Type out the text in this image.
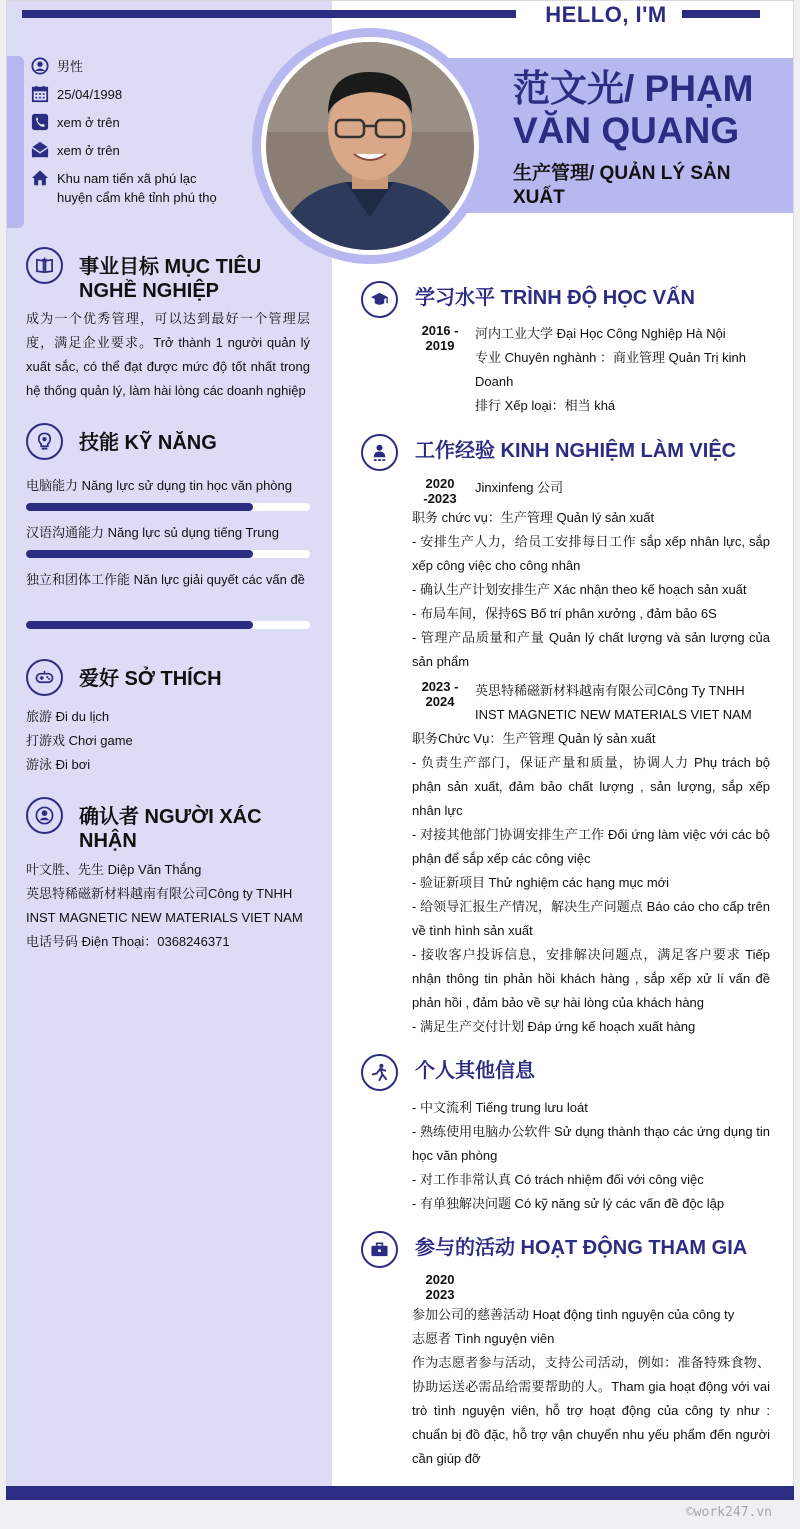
HELLO, I'M
男性
25/04/1998
xem ở trên
xem ở trên
Khu nam tiến xã phú lạc huyện cẩm khê tỉnh phú thọ
范文光/ PHẠM VĂN QUANG
生产管理/ QUẢN LÝ SẢN XUẤT
事业目标 MỤC TIÊU NGHỀ NGHIỆP
成为一个优秀管理，可以达到最好一个管理层度，满足企业要求。Trở thành 1 người quản lý xuất sắc, có thể đạt được mức độ tốt nhất trong hệ thống quản lý, làm hài lòng các doanh nghiệp
技能 KỸ NĂNG
电脑能力 Năng lực sử dụng tin học văn phòng
汉语沟通能力 Năng lực sủ dụng tiếng Trung
独立和团体工作能 Năn lực giải quyết các vấn đề
爱好 SỞ THÍCH
旅游 Đi du lịch
打游戏 Chơi game
游泳 Đi bơi
确认者 NGƯỜI XÁC NHẬN
叶文胜、先生 Diệp Văn Thắng
英思特稀磁新材料越南有限公司Công ty TNHH INST MAGNETIC NEW MATERIALS VIET NAM
电话号码 Điện Thoại：0368246371
学习水平 TRÌNH ĐỘ HỌC VẤN
2016 - 2019
河内工业大学 Đại Học Công Nghiệp Hà Nội
专业 Chuyên nghành ：商业管理 Quản Trị kinh Doanh
排行 Xếp loại：相当 khá
工作经验 KINH NGHIỆM LÀM VIỆC
2020 -2023
Jinxinfeng 公司
职务 chức vụ：生产管理 Quản lý sản xuất
- 安排生产人力，给员工安排每日工作 sắp xếp nhân lực, sắp xếp công việc cho công nhân
- 确认生产计划安排生产 Xác nhận theo kế hoạch sản xuất
- 布局车间，保持6S Bố trí phân xưởng , đảm bảo 6S
- 管理产品质量和产量 Quản lý chất lượng và sản lượng của sản phẩm
2023 - 2024
英思特稀磁新材料越南有限公司Công Ty TNHH INST MAGNETIC NEW MATERIALS VIET NAM
职务Chức Vụ：生产管理 Quản lý sản xuất
- 负责生产部门，保证产量和质量，协调人力 Phụ trách bộ phận sản xuất, đảm bảo chất lượng , sản lượng, sắp xếp nhân lực
- 对接其他部门协调安排生产工作 Đối ứng làm việc với các bộ phận để sắp xếp các công việc
- 验证新项目 Thử nghiệm các hạng mục mới
- 给领导汇报生产情况，解决生产问题点 Báo cáo cho cấp trên về tình hình sản xuất
- 接收客户投诉信息，安排解决问题点，满足客户要求 Tiếp nhận thông tin phản hồi khách hàng , sắp xếp xử lí vấn đề phản hồi , đảm bảo về sự hài lòng của khách hàng
- 满足生产交付计划 Đáp ứng kế hoạch xuất hàng
个人其他信息
- 中文流利 Tiếng trung lưu loát
- 熟练使用电脑办公软件 Sử dụng thành thạo các ứng dụng tin học văn phòng
- 对工作非常认真 Có trách nhiệm đối với công việc
- 有单独解决问题 Có kỹ năng sử lý các vấn đề độc lập
参与的活动 HOẠT ĐỘNG THAM GIA
2020 2023
参加公司的慈善活动 Hoạt động tình nguyện của công ty
志愿者 Tình nguyện viên
作为志愿者参与活动，支持公司活动，例如：准备特殊食物、协助运送必需品给需要帮助的人。Tham gia hoạt động với vai trò tình nguyện viên, hỗ trợ hoạt động của công ty như : chuẩn bị đồ đặc, hỗ trợ vận chuyển nhu yếu phẩm đến người cần giúp đỡ
©work247.vn
